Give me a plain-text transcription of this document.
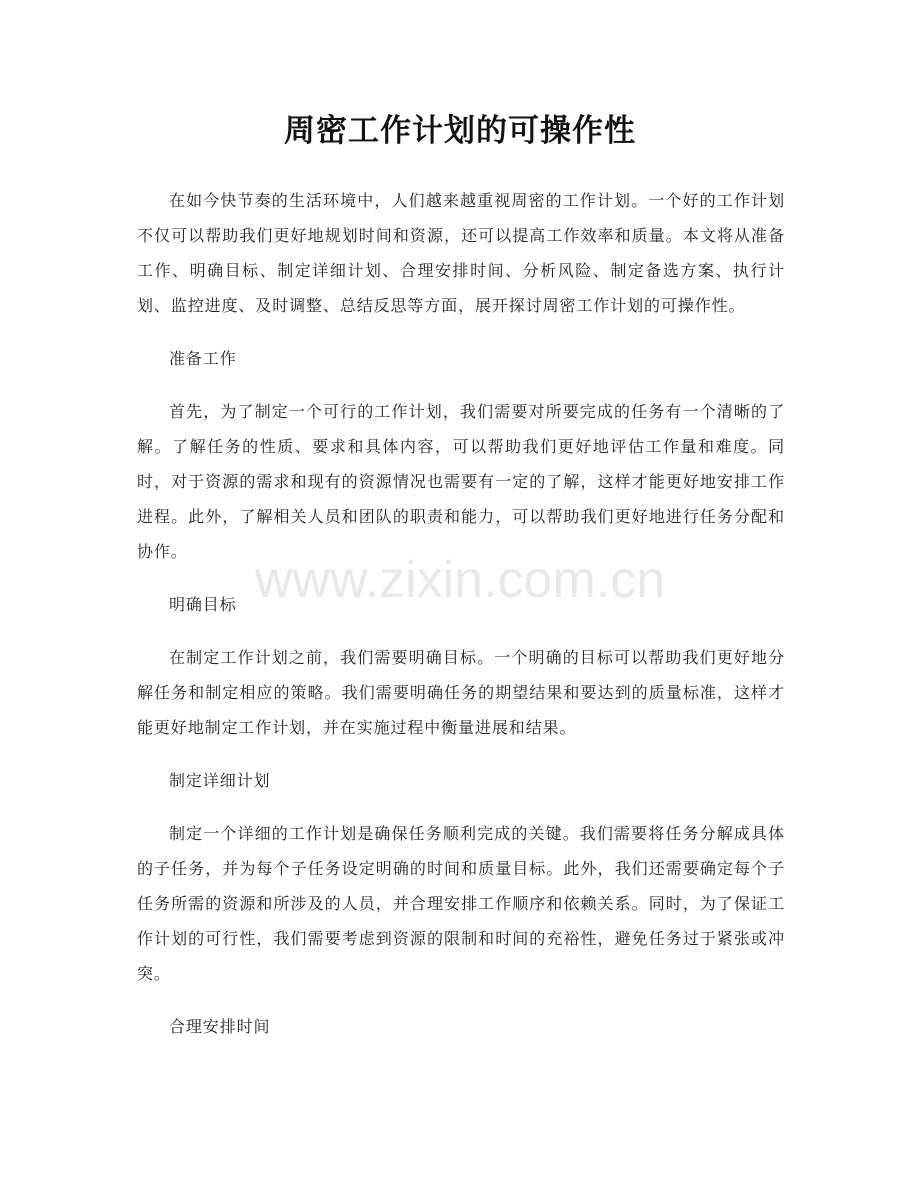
www.zixin.com.cn
周密工作计划的可操作性

在如今快节奏的生活环境中，人们越来越重视周密的工作计划。一个好的工作计划不仅可以帮助我们更好地规划时间和资源，还可以提高工作效率和质量。本文将从准备工作、明确目标、制定详细计划、合理安排时间、分析风险、制定备选方案、执行计划、监控进度、及时调整、总结反思等方面，展开探讨周密工作计划的可操作性。

准备工作

首先，为了制定一个可行的工作计划，我们需要对所要完成的任务有一个清晰的了解。了解任务的性质、要求和具体内容，可以帮助我们更好地评估工作量和难度。同时，对于资源的需求和现有的资源情况也需要有一定的了解，这样才能更好地安排工作进程。此外，了解相关人员和团队的职责和能力，可以帮助我们更好地进行任务分配和协作。

明确目标

在制定工作计划之前，我们需要明确目标。一个明确的目标可以帮助我们更好地分解任务和制定相应的策略。我们需要明确任务的期望结果和要达到的质量标准，这样才能更好地制定工作计划，并在实施过程中衡量进展和结果。

制定详细计划

制定一个详细的工作计划是确保任务顺利完成的关键。我们需要将任务分解成具体的子任务，并为每个子任务设定明确的时间和质量目标。此外，我们还需要确定每个子任务所需的资源和所涉及的人员，并合理安排工作顺序和依赖关系。同时，为了保证工作计划的可行性，我们需要考虑到资源的限制和时间的充裕性，避免任务过于紧张或冲突。

合理安排时间
